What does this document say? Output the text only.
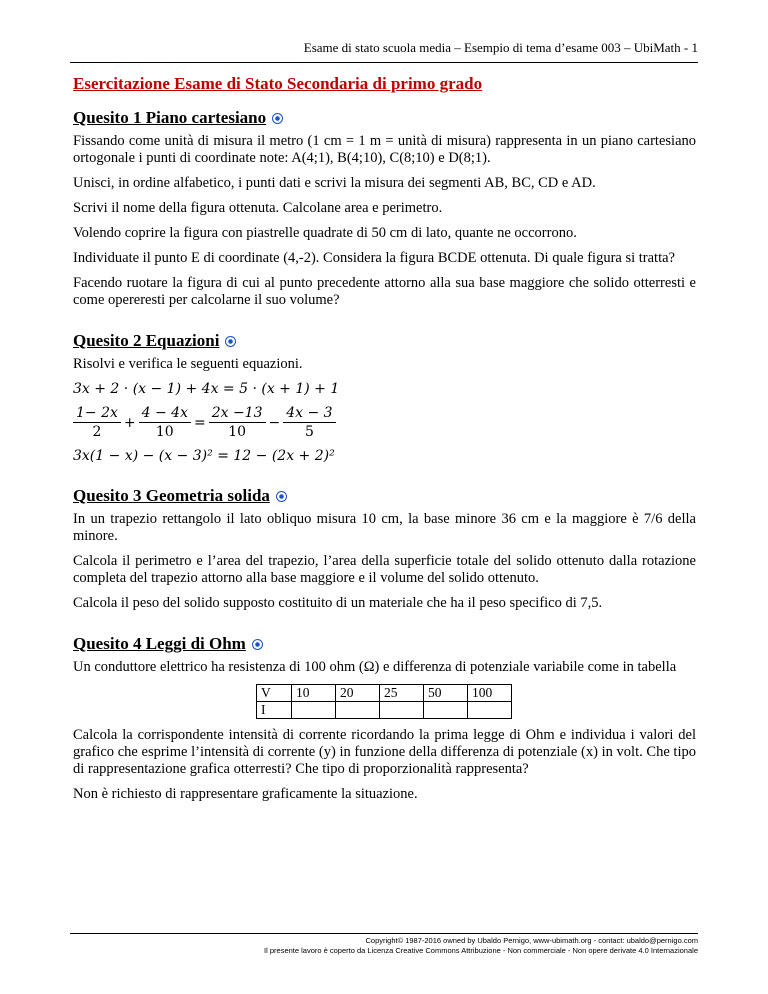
Esame di stato scuola media – Esempio di tema d’esame 003 – UbiMath - 1
Esercitazione Esame di Stato Secondaria di primo grado
Quesito 1 Piano cartesiano

Fissando come unità di misura il metro (1 cm = 1 m = unità di misura) rappresenta in un piano cartesiano ortogonale i punti di coordinate note: A(4;1), B(4;10), C(8;10) e D(8;1).

Unisci, in ordine alfabetico, i punti dati e scrivi la misura dei segmenti AB, BC, CD e AD.

Scrivi il nome della figura ottenuta. Calcolane area e perimetro.

Volendo coprire la figura con piastrelle quadrate di 50 cm di lato, quante ne occorrono.

Individuate il punto E di coordinate (4,-2). Considera la figura BCDE ottenuta. Di quale figura si tratta?

Facendo ruotare la figura di cui al punto precedente attorno alla sua base maggiore che solido otterresti e come opereresti per calcolarne il suo volume?

Quesito 2 Equazioni

Risolvi e verifica le seguenti equazioni.

3x + 2 · (x − 1) + 4x = 5 · (x + 1) + 1
$\frac{1- 2x}{2} + \frac{4 - 4x}{10} = \frac{2x -13}{10} - \frac{4x - 3}{5}$
3x(1 − x) − (x − 3)² = 12 − (2x + 2)²
Quesito 3 Geometria solida

In un trapezio rettangolo il lato obliquo misura 10 cm, la base minore 36 cm e la maggiore è 7/6 della minore.

Calcola il perimetro e l’area del trapezio, l’area della superficie totale del solido ottenuto dalla rotazione completa del trapezio attorno alla base maggiore e il volume del solido ottenuto.

Calcola il peso del solido supposto costituito di un materiale che ha il peso specifico di 7,5.

Quesito 4 Leggi di Ohm

Un conduttore elettrico ha resistenza di 100 ohm (Ω) e differenza di potenziale variabile come in tabella

V	10	20	25	50	100
I					

Calcola la corrispondente intensità di corrente ricordando la prima legge di Ohm e individua i valori del grafico che esprime l’intensità di corrente (y) in funzione della differenza di potenziale (x) in volt. Che tipo di rappresentazione grafica otterresti? Che tipo di proporzionalità rappresenta?

Non è richiesto di rappresentare graficamente la situazione.

Copyright© 1987-2016 owned by Ubaldo Pernigo, www-ubimath.org - contact: ubaldo@pernigo.com
Il presente lavoro è coperto da Licenza Creative Commons Attribuzione - Non commerciale - Non opere derivate 4.0 Internazionale
